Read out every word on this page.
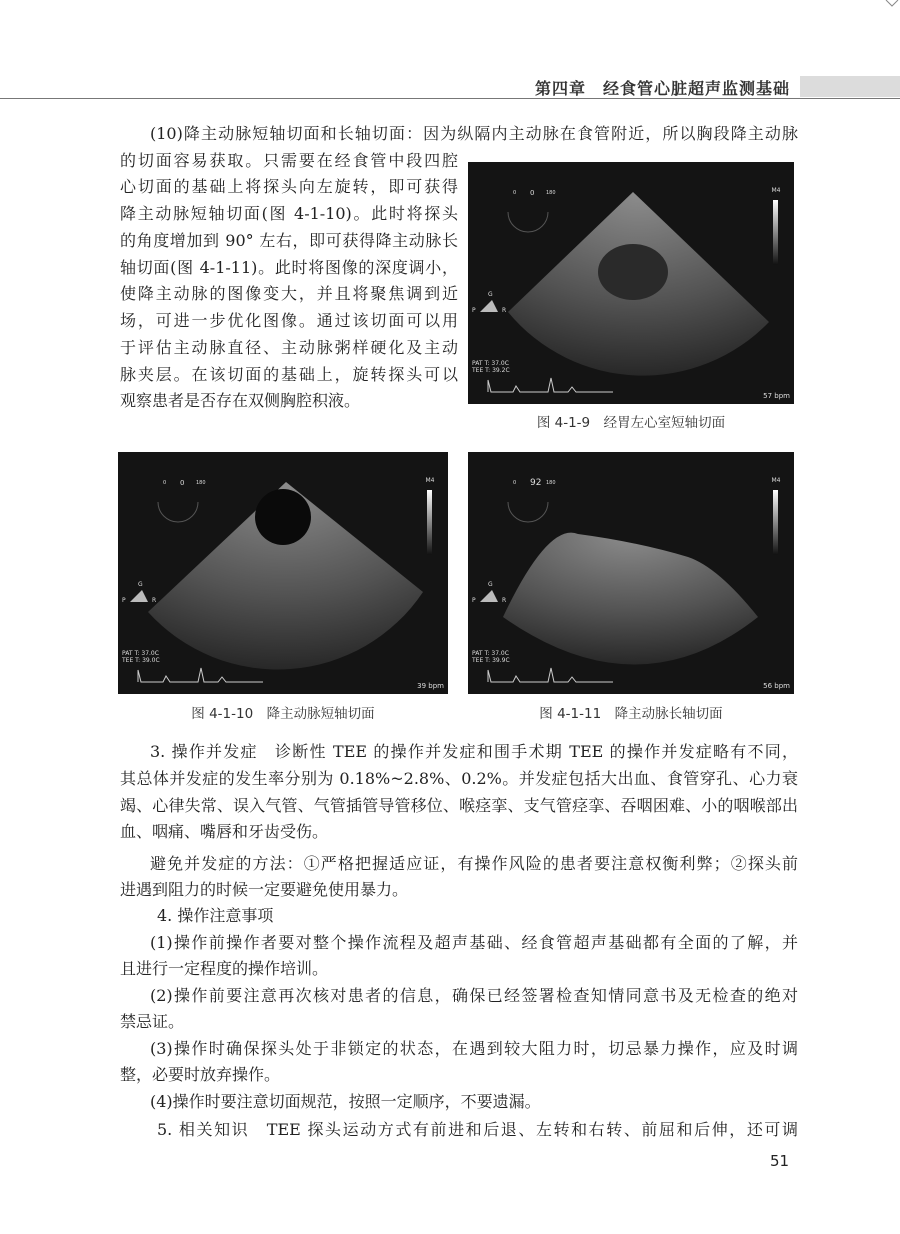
第四章　 经食管心脏超声监测基础
(10)降主动脉短轴切面和长轴切面：因为纵隔内主动脉在食管附近，所以胸段降主动脉
的切面容易获取。只需要在经食管中段四腔
心切面的基础上将探头向左旋转，即可获得
降主动脉短轴切面(图 4-1-10)。此时将探头
的角度增加到 90° 左右，即可获得降主动脉长
轴切面(图 4-1-11)。此时将图像的深度调小，
使降主动脉的图像变大，并且将聚焦调到近
场，可进一步优化图像。通过该切面可以用
于评估主动脉直径、主动脉粥样硬化及主动
脉夹层。在该切面的基础上，旋转探头可以
观察患者是否存在双侧胸腔积液。
0 0 180	M4
G
P	R
PAT T: 37.0C
TEE T: 39.2C
57 bpm
图 4-1-9　经胃左心室短轴切面
0 0 180	M4
G
P	R
PAT T: 37.0C
TEE T: 39.0C
39 bpm
图 4-1-10　降主动脉短轴切面
0 92 180	M4
G
P	R
PAT T: 37.0C
TEE T: 39.9C
56 bpm
图 4-1-11　降主动脉长轴切面
3. 操作并发症　诊断性 TEE 的操作并发症和围手术期 TEE 的操作并发症略有不同，
其总体并发症的发生率分别为 0.18%~2.8%、0.2%。并发症包括大出血、食管穿孔、心力衰
竭、心律失常、误入气管、气管插管导管移位、喉痉挛、支气管痉挛、吞咽困难、小的咽喉部出
血、咽痛、嘴唇和牙齿受伤。
避免并发症的方法：①严格把握适应证，有操作风险的患者要注意权衡利弊；②探头前
进遇到阻力的时候一定要避免使用暴力。
4. 操作注意事项
(1)操作前操作者要对整个操作流程及超声基础、经食管超声基础都有全面的了解，并
且进行一定程度的操作培训。
(2)操作前要注意再次核对患者的信息，确保已经签署检查知情同意书及无检查的绝对
禁忌证。
(3)操作时确保探头处于非锁定的状态，在遇到较大阻力时，切忌暴力操作，应及时调
整，必要时放弃操作。
(4)操作时要注意切面规范，按照一定顺序，不要遗漏。
5. 相关知识　TEE 探头运动方式有前进和后退、左转和右转、前屈和后伸，还可调
51
